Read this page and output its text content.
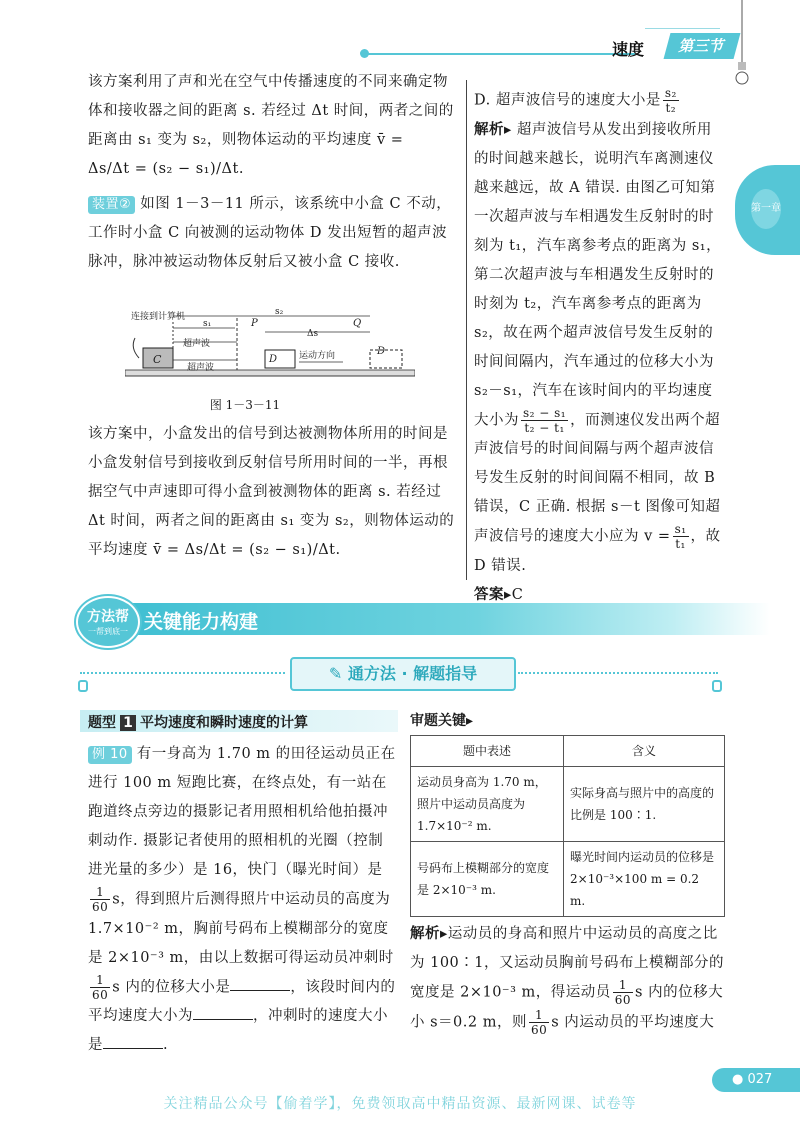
速度	第三节
第一章

该方案利用了声和光在空气中传播速度的不同来确定物体和接收器之间的距离 s. 若经过 Δt 时间，两者之间的距离由 s₁ 变为 s₂，则物体运动的平均速度 v̄ =
Δs/Δt = (s₂ − s₁)/Δt.

装置② 如图 1－3－11 所示，该系统中小盒 C 不动，工作时小盒 C 向被测的运动物体 D 发出短暂的超声波脉冲，脉冲被运动物体反射后又被小盒 C 接收.

连接到计算机
C
s₂
s₁	P	Q
Δs
超声波
超声波
D 运动方向	D
图 1－3－11

该方案中，小盒发出的信号到达被测物体所用的时间是小盒发射信号到接收到反射信号所用时间的一半，再根据空气中声速即可得小盒到被测物体的距离 s. 若经过 Δt 时间，两者之间的距离由 s₁ 变为 s₂，则物体运动的平均速度 v̄ = Δs/Δt = (s₂ − s₁)/Δt.

D. 超声波信号的速度大小是 $\frac{\text{s₂}}{\text{t₂}}$

解析▸ 超声波信号从发出到接收所用的时间越来越长，说明汽车离测速仪越来越远，故 A 错误. 由图乙可知第一次超声波与车相遇发生反射时的时刻为 t₁，汽车离参考点的距离为 s₁，第二次超声波与车相遇发生反射时的时刻为 t₂，汽车离参考点的距离为 s₂，故在两个超声波信号发生反射的时间间隔内，汽车通过的位移大小为 s₂－s₁，汽车在该时间内的平均速度大小为 $\frac{\text{s₂ − s₁}}{\text{t₂ − t₁}}$ ，而测速仪发出两个超声波信号的时间间隔与两个超声波信号发生反射的时间间隔不相同，故 B 错误，C 正确. 根据 s－t 图像可知超声波信号的速度大小应为 $v = \frac{\text{s₁}}{\text{t₁}}$ ，故 D 错误.

答案▸C

关键能力构建
方法帮
一帮到底一
✎ 通方法 · 解题指导
题型 1 平均速度和瞬时速度的计算

例 10 有一身高为 1.70 m 的田径运动员正在进行 100 m 短跑比赛，在终点处，有一站在跑道终点旁边的摄影记者用照相机给他拍摄冲刺动作. 摄影记者使用的照相机的光圈（控制进光量的多少）是 16，快门（曝光时间）是
$\frac{1}{60}$ s，得到照片后测得照片中运动员的高度为 1.7×10⁻² m，胸前号码布上模糊部分的宽度是 2×10⁻³ m，由以上数据可得运动员冲刺时
$\frac{1}{60}$ s 内的位移大小是	，该段时间内的平均速度大小为	，冲刺时的速度大小是	.

审题关键▸
题中表述	含义
运动员身高为 1.70 m，照片中运动员高度为 1.7×10⁻² m.	实际身高与照片中的高度的比例是 100∶1.
号码布上模糊部分的宽度是 2×10⁻³ m.	曝光时间内运动员的位移是 2×10⁻³×100 m = 0.2 m.

解析▸运动员的身高和照片中运动员的高度之比为 100∶1，又运动员胸前号码布上模糊部分的宽度是 2×10⁻³ m，得运动员 $\frac{1}{60}$ s 内的位移大小 s＝0.2 m，则 $\frac{1}{60}$ s 内运动员的平均速度大

● 027
关注精品公众号【偷着学】，免费领取高中精品资源、最新网课、试卷等
